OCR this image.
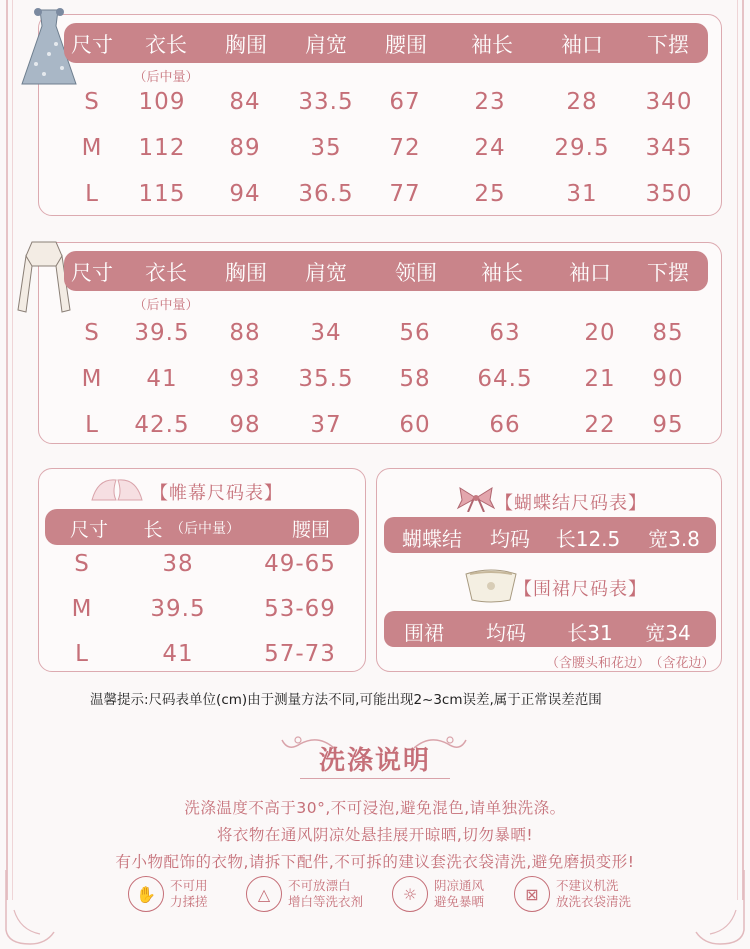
尺寸 衣长 胸围 肩宽 腰围 袖长 袖口 下摆
（后中量）
S 109 84 33.5 67 23	28 340
M 112 89 35 72 24 29.5 345
L 115 94 36.5 77 25	31 350
尺寸 衣长 胸围 肩宽 领围 袖长 袖口 下摆
（后中量）
S 39.5 88 34	56	63	20 85
M 41 93 35.5 58 64.5 21 90
L 42.5 98 37	60	66	22 95
【帷幕尺码表】
尺寸 长 （后中量）	腰围
S	38	49-65
M	39.5	53-69
L	41	57-73
【蝴蝶结尺码表】
蝴蝶结 均码 长12.5 宽3.8
【围裙尺码表】
围裙 均码 长31 宽34
（含腰头和花边） （含花边）
温馨提示:尺码表单位(cm)由于测量方法不同,可能出现2~3cm误差,属于正常误差范围
洗涤说明
洗涤温度不高于30°,不可浸泡,避免混色,请单独洗涤。
将衣物在通风阴凉处悬挂展开晾晒,切勿暴晒!
有小物配饰的衣物,请拆下配件,不可拆的建议套洗衣袋清洗,避免磨损变形!
✋	不可用
力揉搓	△	不可放漂白
增白等洗衣剂	☼	阴凉通风
避免暴晒	⊠	不建议机洗
放洗衣袋清洗
